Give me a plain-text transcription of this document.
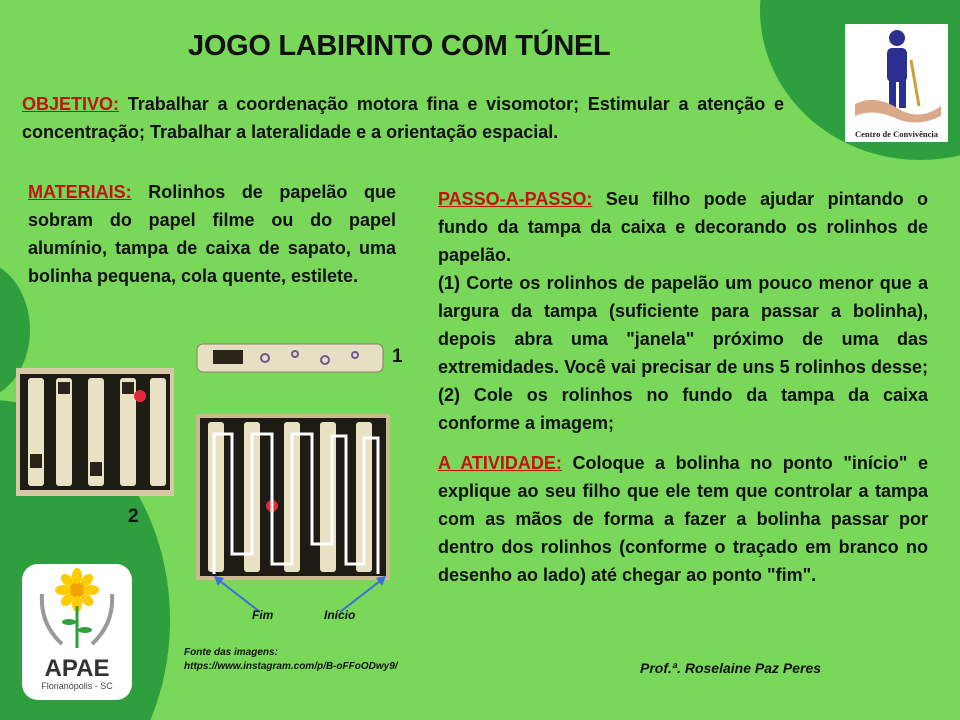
JOGO LABIRINTO COM TÚNEL
OBJETIVO: Trabalhar a coordenação motora fina e visomotor; Estimular a atenção e concentração; Trabalhar a lateralidade e a orientação espacial.
MATERIAIS: Rolinhos de papelão que sobram do papel filme ou do papel alumínio, tampa de caixa de sapato, uma bolinha pequena, cola quente, estilete.
PASSO-A-PASSO: Seu filho pode ajudar pintando o fundo da tampa da caixa e decorando os rolinhos de papelão.
(1) Corte os rolinhos de papelão um pouco menor que a largura da tampa (suficiente para passar a bolinha), depois abra uma "janela" próximo de uma das extremidades. Você vai precisar de uns 5 rolinhos desse; (2) Cole os rolinhos no fundo da tampa da caixa conforme a imagem;
A ATIVIDADE: Coloque a bolinha no ponto "início" e explique ao seu filho que ele tem que controlar a tampa com as mãos de forma a fazer a bolinha passar por dentro dos rolinhos (conforme o traçado em branco no desenho ao lado) até chegar ao ponto "fim".
1
2
Fim	Início
Fonte das imagens:
https://www.instagram.com/p/B-oFFoODwy9/	Prof.ª. Roselaine Paz Peres
Centro de Convivência
APAE
Florianópolis - SC
